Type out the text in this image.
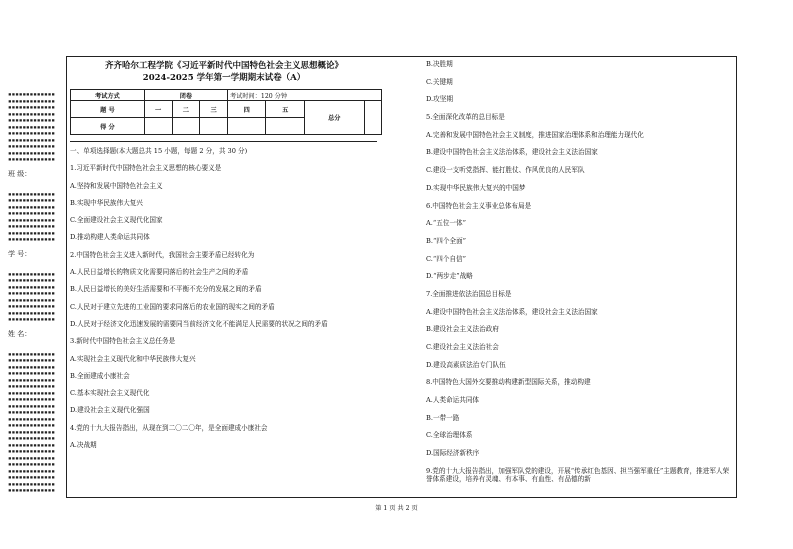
▪▪▪▪▪▪▪▪▪▪▪▪▪
▪▪▪▪▪▪▪▪▪▪▪▪▪
▪▪▪▪▪▪▪▪▪▪▪▪▪
▪▪▪▪▪▪▪▪▪▪▪▪▪
▪▪▪▪▪▪▪▪▪▪▪▪▪
▪▪▪▪▪▪▪▪▪▪▪▪▪
▪▪▪▪▪▪▪▪▪▪▪▪▪
▪▪▪▪▪▪▪▪▪▪▪▪▪
▪▪▪▪▪▪▪▪▪▪▪▪▪
▪▪▪▪▪▪▪▪▪▪▪▪▪
▪▪▪▪▪▪▪▪▪▪▪▪▪
班 级：
▪▪▪▪▪▪▪▪▪▪▪▪▪
▪▪▪▪▪▪▪▪▪▪▪▪▪
▪▪▪▪▪▪▪▪▪▪▪▪▪
▪▪▪▪▪▪▪▪▪▪▪▪▪
▪▪▪▪▪▪▪▪▪▪▪▪▪
▪▪▪▪▪▪▪▪▪▪▪▪▪
▪▪▪▪▪▪▪▪▪▪▪▪▪
▪▪▪▪▪▪▪▪▪▪▪▪▪
学 号：
▪▪▪▪▪▪▪▪▪▪▪▪▪
▪▪▪▪▪▪▪▪▪▪▪▪▪
▪▪▪▪▪▪▪▪▪▪▪▪▪
▪▪▪▪▪▪▪▪▪▪▪▪▪
▪▪▪▪▪▪▪▪▪▪▪▪▪
▪▪▪▪▪▪▪▪▪▪▪▪▪
▪▪▪▪▪▪▪▪▪▪▪▪▪
▪▪▪▪▪▪▪▪▪▪▪▪▪
姓 名：
▪▪▪▪▪▪▪▪▪▪▪▪▪
▪▪▪▪▪▪▪▪▪▪▪▪▪
▪▪▪▪▪▪▪▪▪▪▪▪▪
▪▪▪▪▪▪▪▪▪▪▪▪▪
▪▪▪▪▪▪▪▪▪▪▪▪▪
▪▪▪▪▪▪▪▪▪▪▪▪▪
▪▪▪▪▪▪▪▪▪▪▪▪▪
▪▪▪▪▪▪▪▪▪▪▪▪▪
▪▪▪▪▪▪▪▪▪▪▪▪▪
▪▪▪▪▪▪▪▪▪▪▪▪▪
▪▪▪▪▪▪▪▪▪▪▪▪▪
▪▪▪▪▪▪▪▪▪▪▪▪▪
▪▪▪▪▪▪▪▪▪▪▪▪▪
▪▪▪▪▪▪▪▪▪▪▪▪▪
▪▪▪▪▪▪▪▪▪▪▪▪▪
▪▪▪▪▪▪▪▪▪▪▪▪▪
▪▪▪▪▪▪▪▪▪▪▪▪▪
▪▪▪▪▪▪▪▪▪▪▪▪▪
▪▪▪▪▪▪▪▪▪▪▪▪▪
▪▪▪▪▪▪▪▪▪▪▪▪▪
▪▪▪▪▪▪▪▪▪▪▪▪▪
▪▪▪▪▪▪▪▪▪▪▪▪▪
齐齐哈尔工程学院《习近平新时代中国特色社会主义思想概论》
2024-2025 学年第一学期期末试卷（A）
考试方式	闭卷			考试时间：120 分钟			
题 号	一	二	三	四	五	总分	
得 分							
一、单项选择题(本大题总共 15 小题，每题 2 分，共 30 分)
1.习近平新时代中国特色社会主义思想的核心要义是
A.坚持和发展中国特色社会主义
B.实现中华民族伟大复兴
C.全面建设社会主义现代化国家
D.推动构建人类命运共同体
2.中国特色社会主义进入新时代，我国社会主要矛盾已经转化为
A.人民日益增长的物质文化需要同落后的社会生产之间的矛盾
B.人民日益增长的美好生活需要和不平衡不充分的发展之间的矛盾
C.人民对于建立先进的工业国的要求同落后的农业国的现实之间的矛盾
D.人民对于经济文化迅速发展的需要同当前经济文化不能满足人民需要的状况之间的矛盾
3.新时代中国特色社会主义总任务是
A.实现社会主义现代化和中华民族伟大复兴
B.全面建成小康社会
C.基本实现社会主义现代化
D.建设社会主义现代化强国
4.党的十九大报告指出，从现在到二〇二〇年，是全面建成小康社会
A.决战期
B.决胜期
C.关键期
D.攻坚期
5.全面深化改革的总目标是
A.完善和发展中国特色社会主义制度，推进国家治理体系和治理能力现代化
B.建设中国特色社会主义法治体系，建设社会主义法治国家
C.建设一支听党指挥、能打胜仗、作风优良的人民军队
D.实现中华民族伟大复兴的中国梦
6.中国特色社会主义事业总体布局是
A.“五位一体”
B.“四个全面”
C.“四个自信”
D.“两步走”战略
7.全面推进依法治国总目标是
A.建设中国特色社会主义法治体系，建设社会主义法治国家
B.建设社会主义法治政府
C.建设社会主义法治社会
D.建设高素质法治专门队伍
8.中国特色大国外交要推动构建新型国际关系，推动构建
A.人类命运共同体
B.一带一路
C.全球治理体系
D.国际经济新秩序
9.党的十九大报告指出，加强军队党的建设，开展“传承红色基因、担当强军重任”主题教育，推进军人荣誉体系建设，培养有灵魂、有本事、有血性、有品德的新
第 1 页 共 2 页
